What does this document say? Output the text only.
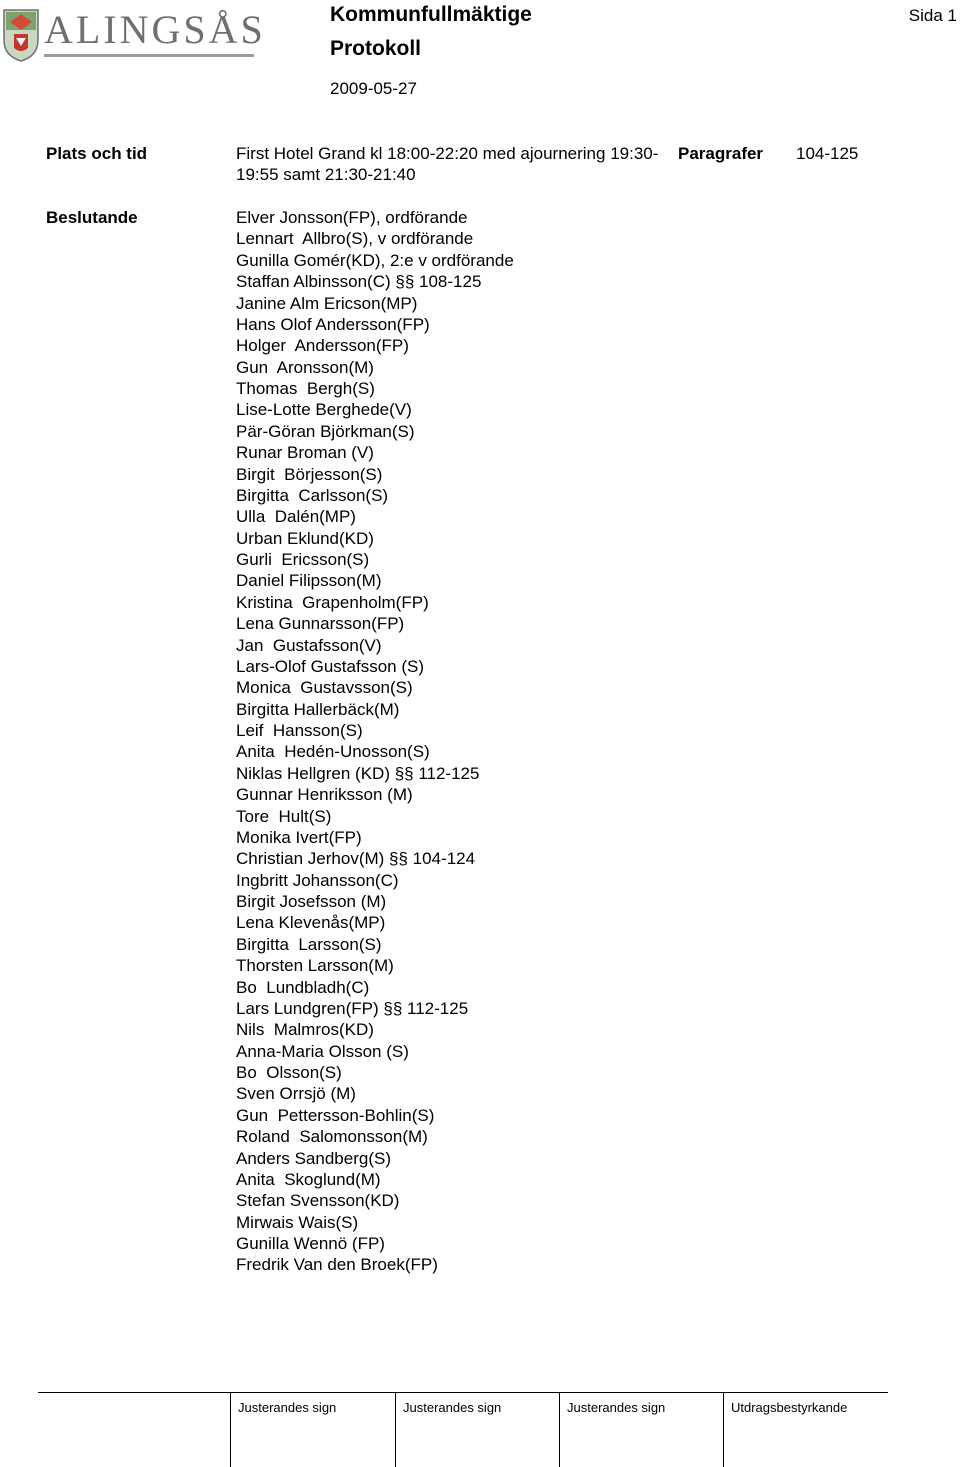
ALINGSÅS	Kommunfullmäktige
Protokoll
2009-05-27
Sida 1
Plats och tid	First Hotel Grand kl 18:00-22:20 med ajournering 19:30-19:55 samt 21:30-21:40
Paragrafer 104-125
Beslutande	Elver Jonsson(FP), ordförande
Lennart  Allbro(S), v ordförande
Gunilla Gomér(KD), 2:e v ordförande
Staffan Albinsson(C) §§ 108-125
Janine Alm Ericson(MP)
Hans Olof Andersson(FP)
Holger  Andersson(FP)
Gun  Aronsson(M)
Thomas  Bergh(S)
Lise-Lotte Berghede(V)
Pär-Göran Björkman(S)
Runar Broman (V)
Birgit  Börjesson(S)
Birgitta  Carlsson(S)
Ulla  Dalén(MP)
Urban Eklund(KD)
Gurli  Ericsson(S)
Daniel Filipsson(M)
Kristina  Grapenholm(FP)
Lena Gunnarsson(FP)
Jan  Gustafsson(V)
Lars-Olof Gustafsson (S)
Monica  Gustavsson(S)
Birgitta Hallerbäck(M)
Leif  Hansson(S)
Anita  Hedén-Unosson(S)
Niklas Hellgren (KD) §§ 112-125
Gunnar Henriksson (M)
Tore  Hult(S)
Monika Ivert(FP)
Christian Jerhov(M) §§ 104-124
Ingbritt Johansson(C)
Birgit Josefsson (M)
Lena Klevenås(MP)
Birgitta  Larsson(S)
Thorsten Larsson(M)
Bo  Lundbladh(C)
Lars Lundgren(FP) §§ 112-125
Nils  Malmros(KD)
Anna-Maria Olsson (S)
Bo  Olsson(S)
Sven Orrsjö (M)
Gun  Pettersson-Bohlin(S)
Roland  Salomonsson(M)
Anders Sandberg(S)
Anita  Skoglund(M)
Stefan Svensson(KD)
Mirwais Wais(S)
Gunilla Wennö (FP)
Fredrik Van den Broek(FP)
Justerandes sign	Justerandes sign	Justerandes sign	Utdragsbestyrkande
